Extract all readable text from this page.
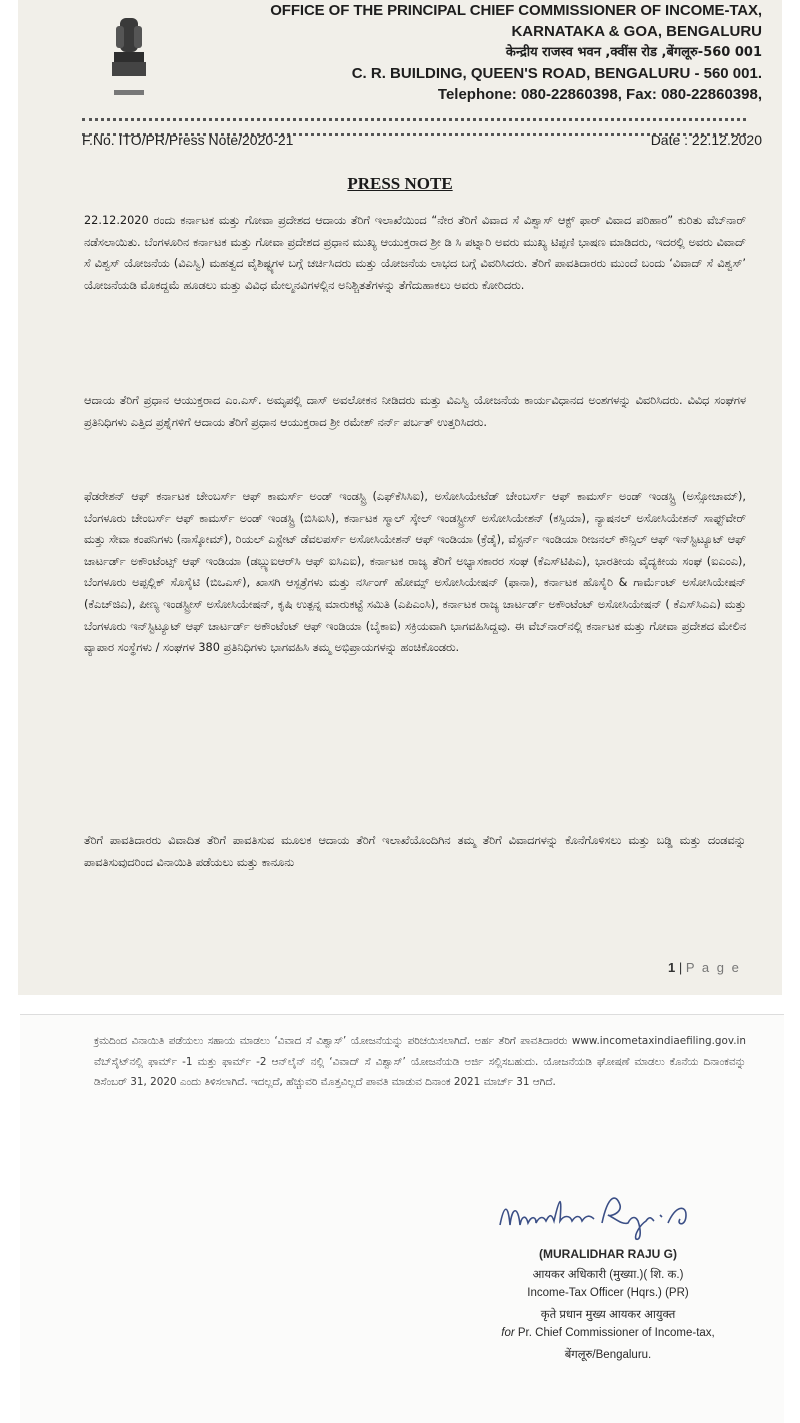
OFFICE OF THE PRINCIPAL CHIEF COMMISSIONER OF INCOME-TAX,
KARNATAKA & GOA, BENGALURU
केन्द्रीय राजस्व भवन ,क्वींस रोड ,बेंगलूरु-560 001
C. R. BUILDING, QUEEN'S ROAD, BENGALURU - 560 001.
Telephone: 080-22860398, Fax: 080-22860398,
F.No. ITO/PR/Press Note/2020-21	Date : 22.12.2020
PRESS NOTE
22.12.2020 ರಂದು ಕರ್ನಾಟಕ ಮತ್ತು ಗೋವಾ ಪ್ರದೇಶದ ಆದಾಯ ತೆರಿಗೆ ಇಲಾಖೆಯಿಂದ “ನೇರ ತೆರಿಗೆ ವಿವಾದ ಸೆ ವಿಶ್ವಾಸ್ ಆಕ್ಟ್ ಫಾರ್ ವಿವಾದ ಪರಿಹಾರ” ಕುರಿತು ವೆಬ್‌ನಾರ್ ನಡೆಸಲಾಯಿತು. ಬೆಂಗಳೂರಿನ ಕರ್ನಾಟಕ ಮತ್ತು ಗೋವಾ ಪ್ರದೇಶದ ಪ್ರಧಾನ ಮುಖ್ಯ ಆಯುಕ್ತರಾದ ಶ್ರೀ ಡಿ ಸಿ ಪಟ್ನಾರಿ ಅವರು ಮುಖ್ಯ ಟಿಪ್ಪಣಿ ಭಾಷಣ ಮಾಡಿದರು, ಇದರಲ್ಲಿ ಅವರು ವಿವಾದ್ ಸೆ ವಿಶ್ವಸ್ ಯೋಜನೆಯ (ವಿಎಸ್ವಿ) ಮಹತ್ವದ ವೈಶಿಷ್ಟ್ಯಗಳ ಬಗ್ಗೆ ಚರ್ಚಿಸಿದರು ಮತ್ತು ಯೋಜನೆಯ ಲಾಭದ ಬಗ್ಗೆ ವಿವರಿಸಿದರು. ತೆರಿಗೆ ಪಾವತಿದಾರರು ಮುಂದೆ ಬಂದು ‘ವಿವಾದ್ ಸೆ ವಿಶ್ವಸ್’ ಯೋಜನೆಯಡಿ ಮೊಕದ್ದಮೆ ಹೂಡಲು ಮತ್ತು ವಿವಿಧ ಮೇಲ್ಮನವಿಗಳಲ್ಲಿನ ಅನಿಶ್ಚಿತತೆಗಳನ್ನು ತೆಗೆದುಹಾಕಲು ಅವರು ಕೋರಿದರು.
ಆದಾಯ ತೆರಿಗೆ ಪ್ರಧಾನ ಆಯುಕ್ತರಾದ ಎಂ.ಎಸ್. ಅಮೃಪಲ್ಲಿ ದಾಸ್ ಅವಲೋಕನ ನೀಡಿದರು ಮತ್ತು ವಿಎಸ್ವಿ ಯೋಜನೆಯ ಕಾರ್ಯವಿಧಾನದ ಅಂಶಗಳನ್ನು ವಿವರಿಸಿದರು. ವಿವಿಧ ಸಂಘಗಳ ಪ್ರತಿನಿಧಿಗಳು ಎತ್ತಿದ ಪ್ರಶ್ನೆಗಳಿಗೆ ಆದಾಯ ತೆರಿಗೆ ಪ್ರಧಾನ ಆಯುಕ್ತರಾದ ಶ್ರೀ ರಮೇಶ್ ನರ್ನ್ ಪರ್ಬತ್ ಉತ್ತರಿಸಿದರು.
ಫೆಡರೇಶನ್ ಆಫ್ ಕರ್ನಾಟಕ ಚೇಂಬರ್ಸ್ ಆಫ್ ಕಾಮರ್ಸ್ ಅಂಡ್ ಇಂಡಸ್ಟ್ರಿ (ಎಫ್‌ಕೆಸಿಸಿಐ), ಅಸೋಸಿಯೇಟೆಡ್ ಚೇಂಬರ್ಸ್ ಆಫ್ ಕಾಮರ್ಸ್ ಅಂಡ್ ಇಂಡಸ್ಟ್ರಿ (ಅಸ್ಸೋಚಾಮ್), ಬೆಂಗಳೂರು ಚೇಂಬರ್ಸ್ ಆಫ್ ಕಾಮರ್ಸ್ ಅಂಡ್ ಇಂಡಸ್ಟ್ರಿ (ಬಿಸಿಐಸಿ), ಕರ್ನಾಟಕ ಸ್ಮಾಲ್ ಸ್ಕೇಲ್ ಇಂಡಸ್ಟ್ರೀಸ್ ಅಸೋಸಿಯೇಶನ್ (ಕಸ್ಸಿಯಾ), ನ್ಯಾಷನಲ್ ಅಸೋಸಿಯೇಶನ್ ಸಾಫ್ಟ್‌ವೇರ್ ಮತ್ತು ಸೇವಾ ಕಂಪನಿಗಳು (ನಾಸ್ಕೋಮ್), ರಿಯಲ್ ಎಸ್ಟೇಟ್ ಡೆವಲಪರ್ಸ್ ಅಸೋಸಿಯೇಶನ್ ಆಫ್ ಇಂಡಿಯಾ (ಕ್ರೆಡೈ), ವೆಸ್ಟರ್ನ್ ಇಂಡಿಯಾ ರೀಜನಲ್ ಕೌನ್ಸಿಲ್ ಆಫ್ ಇನ್‌ಸ್ಟಿಟ್ಯೂಟ್ ಆಫ್ ಚಾರ್ಟರ್ಡ್ ಅಕೌಂಟೆಂಟ್ಸ್ ಆಫ್ ಇಂಡಿಯಾ (ಡಬ್ಲ್ಯುಐಆರ್‌ಸಿ ಆಫ್ ಐಸಿಎಐ), ಕರ್ನಾಟಕ ರಾಜ್ಯ ತೆರಿಗೆ ಅಭ್ಯಾಸಕಾರರ ಸಂಘ (ಕೆಎಸ್‌ಟಿಪಿಎ), ಭಾರತೀಯ ವೈದ್ಯಕೀಯ ಸಂಘ (ಐಎಂಎ), ಬೆಂಗಳೂರು ಅಪ್ಪಲ್ಲಿಕ್ ಸೊಸೈಟಿ (ಬಿಒಎಸ್), ಖಾಸಗಿ ಆಸ್ಪತ್ರೆಗಳು ಮತ್ತು ನರ್ಸಿಂಗ್ ಹೋಮ್ಸ್ ಅಸೋಸಿಯೇಷನ್ (ಫಾನಾ), ಕರ್ನಾಟಕ ಹೊಸೈರಿ & ಗಾರ್ಮೆಂಟ್ ಅಸೋಸಿಯೇಷನ್ (ಕೆಎಚ್‌ಜಿಎ), ಪೀಣ್ಯ ಇಂಡಸ್ಟ್ರೀಸ್ ಅಸೋಸಿಯೇಷನ್, ಕೃಷಿ ಉತ್ಪನ್ನ ಮಾರುಕಟ್ಟೆ ಸಮಿತಿ (ಎಪಿಎಂಸಿ), ಕರ್ನಾಟಕ ರಾಜ್ಯ ಚಾರ್ಟರ್ಡ್ ಅಕೌಂಟೆಂಟ್ ಅಸೋಸಿಯೇಷನ್ ( ಕೆಎಸ್‌ಸಿಎಎ) ಮತ್ತು ಬೆಂಗಳೂರು ಇನ್‌ಸ್ಟಿಟ್ಯೂಟ್ ಆಫ್ ಚಾರ್ಟರ್ಡ್ ಅಕೌಂಟೆಂಟ್ ಆಫ್ ಇಂಡಿಯಾ (ಬೈಕಾಐ) ಸಕ್ರಿಯವಾಗಿ ಭಾಗವಹಿಸಿದ್ದವು. ಈ ವೆಬ್‌ನಾರ್‌ನಲ್ಲಿ ಕರ್ನಾಟಕ ಮತ್ತು ಗೋವಾ ಪ್ರದೇಶದ ಮೇಲಿನ ವ್ಯಾಪಾರ ಸಂಸ್ಥೆಗಳು / ಸಂಘಗಳ 380 ಪ್ರತಿನಿಧಿಗಳು ಭಾಗವಹಿಸಿ ತಮ್ಮ ಅಭಿಪ್ರಾಯಗಳನ್ನು ಹಂಚಿಕೊಂಡರು.
ತೆರಿಗೆ ಪಾವತಿದಾರರು ವಿವಾದಿತ ತೆರಿಗೆ ಪಾವತಿಸುವ ಮೂಲಕ ಆದಾಯ ತೆರಿಗೆ ಇಲಾಖೆಯೊಂದಿಗಿನ ತಮ್ಮ ತೆರಿಗೆ ವಿವಾದಗಳನ್ನು ಕೊನೆಗೊಳಿಸಲು ಮತ್ತು ಬಡ್ಡಿ ಮತ್ತು ದಂಡವನ್ನು ಪಾವತಿಸುವುದರಿಂದ ವಿನಾಯಿತಿ ಪಡೆಯಲು ಮತ್ತು ಕಾನೂನು
1 | P a g e
ಕ್ರಮದಿಂದ ವಿನಾಯಿತಿ ಪಡೆಯಲು ಸಹಾಯ ಮಾಡಲು ‘ವಿವಾದ ಸೆ ವಿಶ್ವಾಸ್’ ಯೋಜನೆಯನ್ನು ಪರಿಚಯಿಸಲಾಗಿದೆ. ಅರ್ಹ ತೆರಿಗೆ ಪಾವತಿದಾರರು www.incometaxindiaefiling.gov.in ವೆಬ್‌ಸೈಟ್‌ನಲ್ಲಿ ಫಾರ್ಮ್ -1 ಮತ್ತು ಫಾರ್ಮ್ -2 ಆನ್‌ಲೈನ್ ನಲ್ಲಿ ‘ವಿವಾದ್ ಸೆ ವಿಶ್ವಾಸ್’ ಯೋಜನೆಯಡಿ ಅರ್ಜಿ ಸಲ್ಲಿಸಬಹುದು. ಯೋಜನೆಯಡಿ ಘೋಷಣೆ ಮಾಡಲು ಕೊನೆಯ ದಿನಾಂಕವನ್ನು ಡಿಸೆಂಬರ್ 31, 2020 ಎಂದು ತಿಳಿಸಲಾಗಿದೆ. ಇದಲ್ಲದೆ, ಹೆಚ್ಚುವರಿ ಮೊತ್ತವಿಲ್ಲದೆ ಪಾವತಿ ಮಾಡುವ ದಿನಾಂಕ 2021 ಮಾರ್ಚ್ 31 ಆಗಿದೆ.
(MURALIDHAR RAJU G)
आयकर अधिकारी (मुख्या.)( शि. क.)
Income-Tax Officer (Hqrs.) (PR)
कृते प्रधान मुख्य आयकर आयुक्त
for Pr. Chief Commissioner of Income-tax,
बेंगलूरु/Bengaluru.
